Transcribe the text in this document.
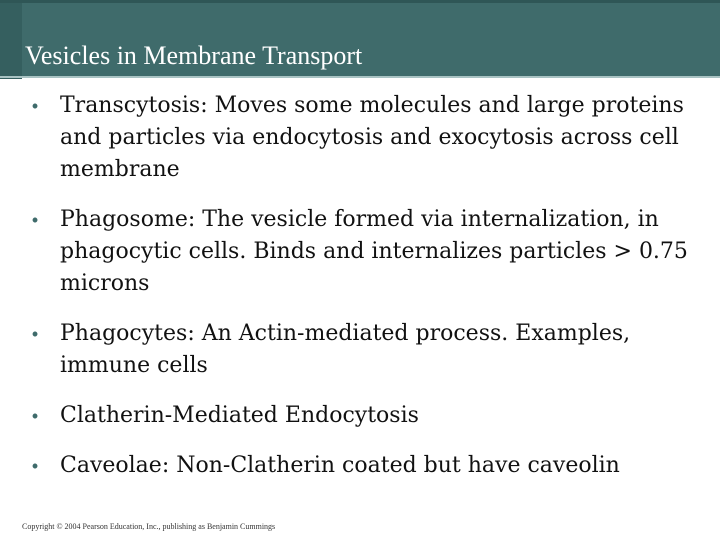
Vesicles in Membrane Transport
• Transcytosis: Moves some molecules and large proteins and particles via endocytosis and exocytosis across cell membrane
• Phagosome: The vesicle formed via internalization, in phagocytic cells. Binds and internalizes particles > 0.75 microns
• Phagocytes: An Actin-mediated process. Examples, immune cells
• Clatherin-Mediated Endocytosis
• Caveolae: Non-Clatherin coated but have caveolin
Copyright © 2004 Pearson Education, Inc., publishing as Benjamin Cummings
